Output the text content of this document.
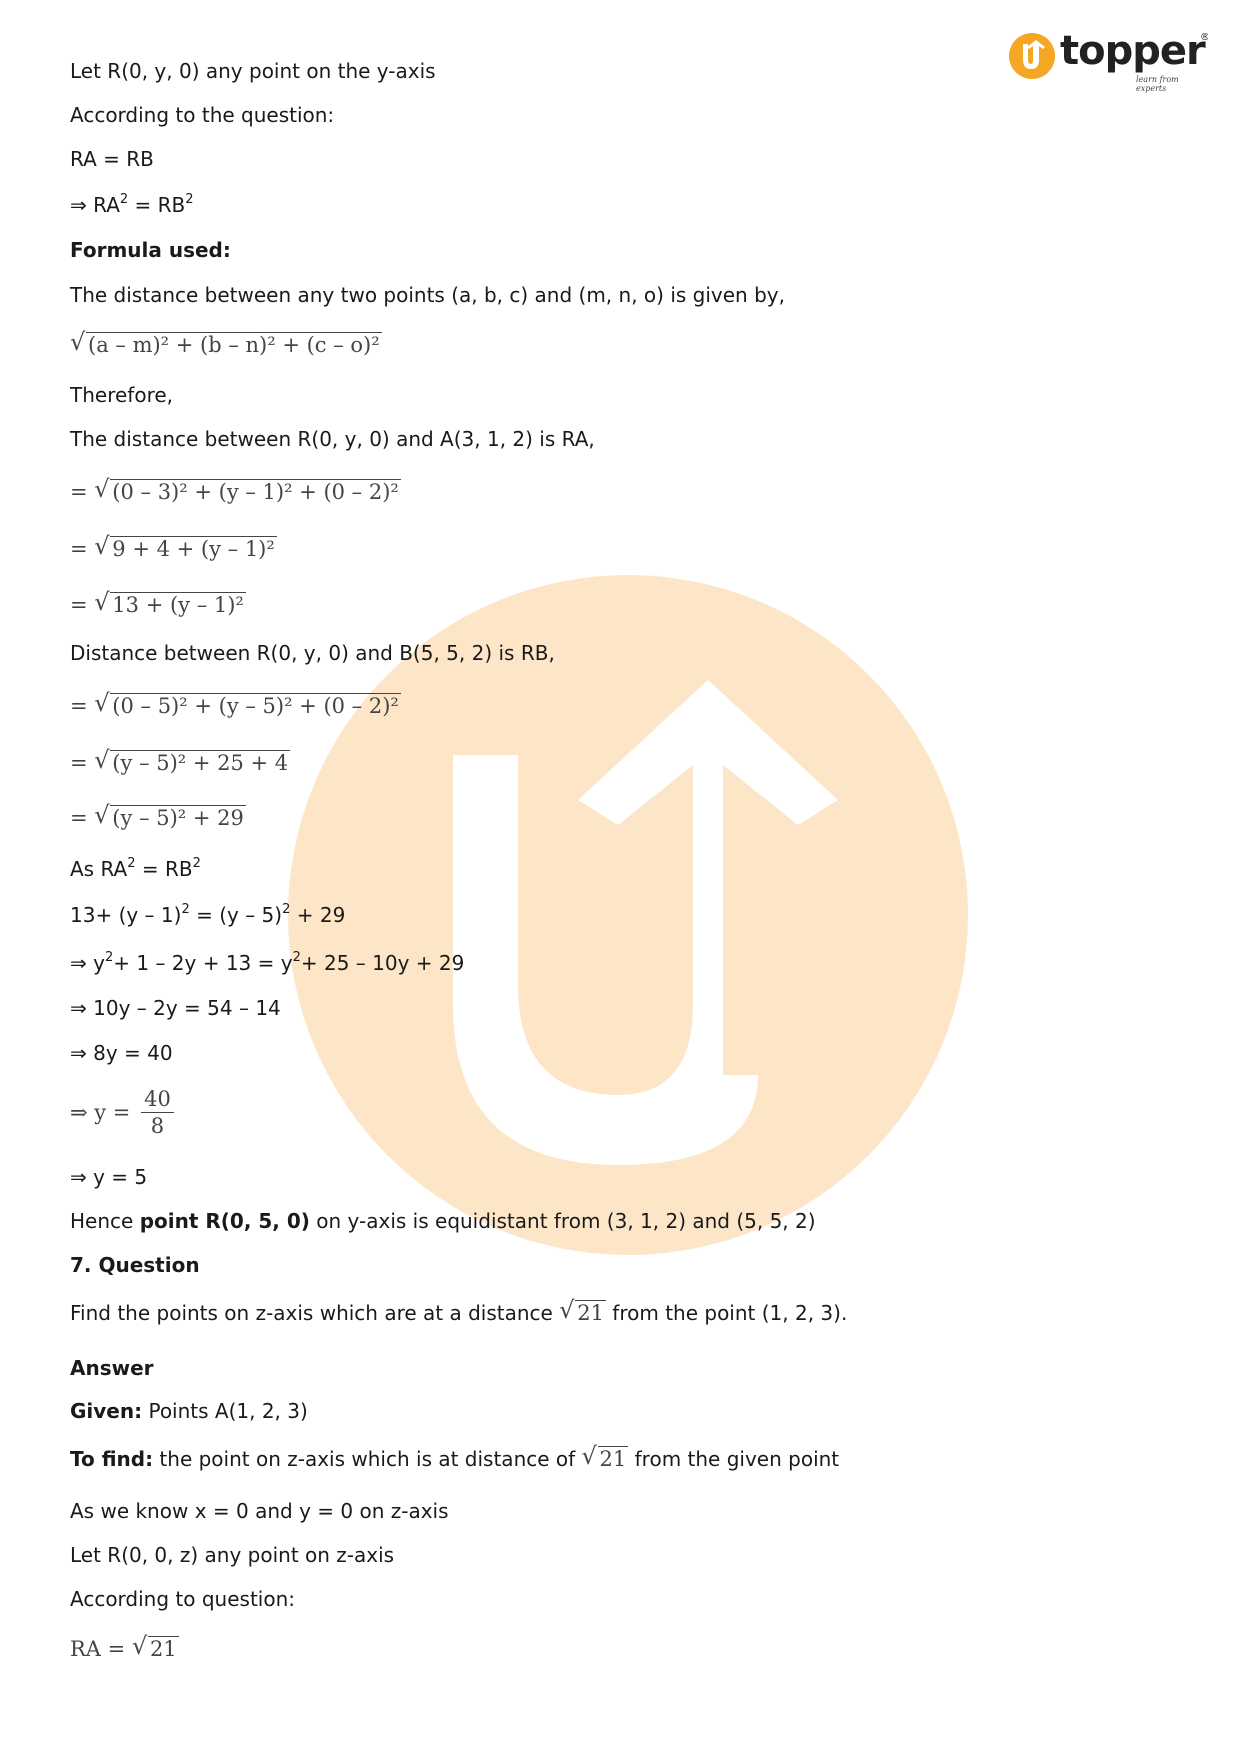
®
topper
learn from experts
Let R(0, y, 0) any point on the y-axis
According to the question:
RA = RB
⇒ $RA^2 = RB^2$
Formula used:
The distance between any two points (a, b, c) and (m, n, o) is given by,
√ (a – m)² + (b – n)² + (c – o)²
Therefore,
The distance between R(0, y, 0) and A(3, 1, 2) is RA,
= √ (0 – 3)² + (y – 1)² + (0 – 2)²
= √ 9 + 4 + (y – 1)²
= √ 13 + (y – 1)²
Distance between R(0, y, 0) and B(5, 5, 2) is RB,
= √ (0 – 5)² + (y – 5)² + (0 – 2)²
= √ (y – 5)² + 25 + 4
= √ (y – 5)² + 29
As $RA^2 = RB^2$
13+ (y – 1)$^2$ = (y – 5)$^2$ + 29
⇒ $y^2+ 1 - 2y + 13 = y^2+ 25 - 10y + 29$
⇒ 10y – 2y = 54 – 14
⇒ 8y = 40
⇒ $y = \frac{40}{8}$
⇒ y = 5
Hence point R(0, 5, 0) on y-axis is equidistant from (3, 1, 2) and (5, 5, 2)
7. Question
Find the points on z-axis which are at a distance √ 21 from the point (1, 2, 3).
Answer
Given: Points A(1, 2, 3)
To find: the point on z-axis which is at distance of √ 21 from the given point
As we know x = 0 and y = 0 on z-axis
Let R(0, 0, z) any point on z-axis
According to question:
RA = √ 21
